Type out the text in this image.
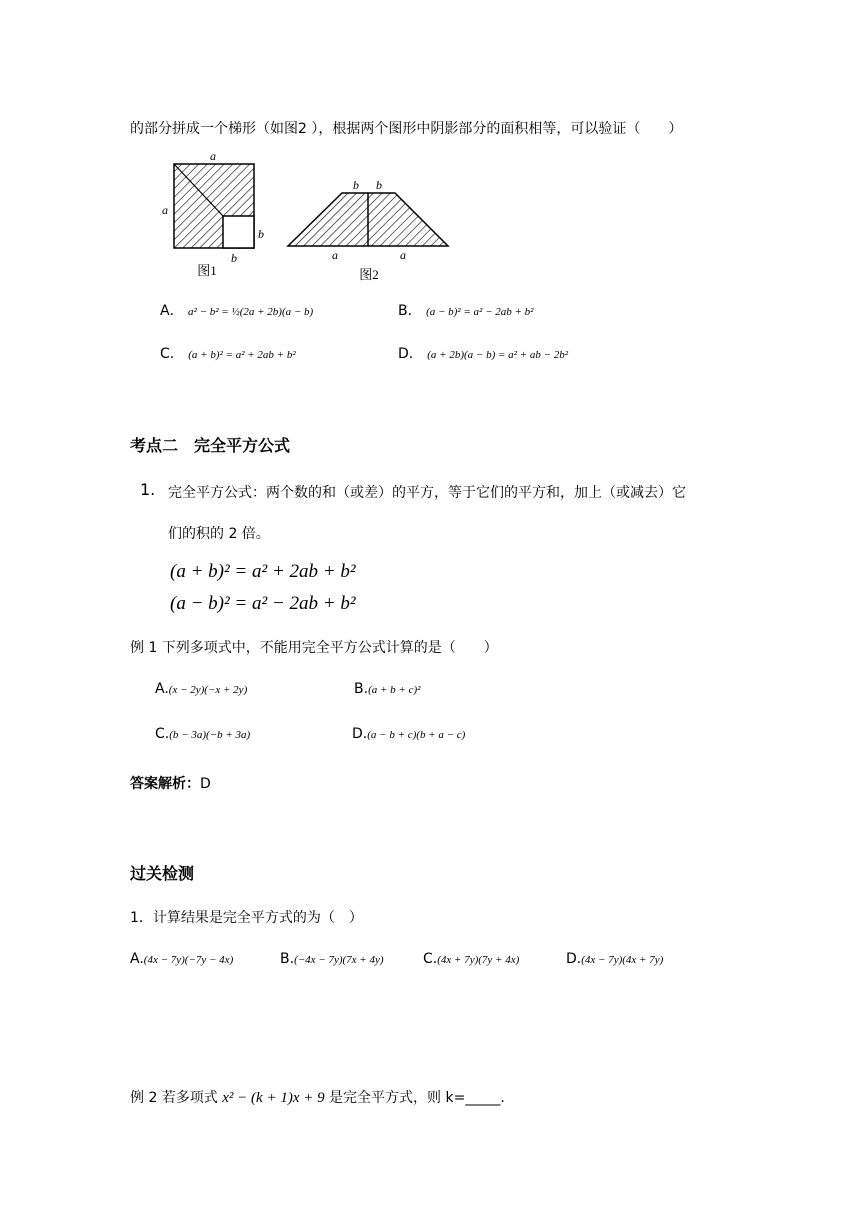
的部分拼成一个梯形（如图2 ），根据两个图形中阴影部分的面积相等，可以验证（　　）
a
a
b
b
图1
b b
a	a
图2
A． a² − b² = ½(2a + 2b)(a − b)	B． (a − b)² = a² − 2ab + b²
C． (a + b)² = a² + 2ab + b²	D． (a + 2b)(a − b) = a² + ab − 2b²
考点二　完全平方公式
1. 完全平方公式：两个数的和（或差）的平方，等于它们的平方和，加上（或减去）它
们的积的 2 倍。
(a + b)² = a² + 2ab + b²
(a − b)² = a² − 2ab + b²
例 1 下列多项式中，不能用完全平方公式计算的是（　　）
A.(x − 2y)(−x + 2y)	B.(a + b + c)²
C.(b − 3a)(−b + 3a)	D.(a − b + c)(b + a − c)
答案解析：D
过关检测
1．计算结果是完全平方式的为（　）
A.(4x − 7y)(−7y − 4x)	B.(−4x − 7y)(7x + 4y)	C.(4x + 7y)(7y + 4x)	D.(4x − 7y)(4x + 7y)
例 2 若多项式 x² − (k + 1)x + 9 是完全平方式，则 k=_____.
